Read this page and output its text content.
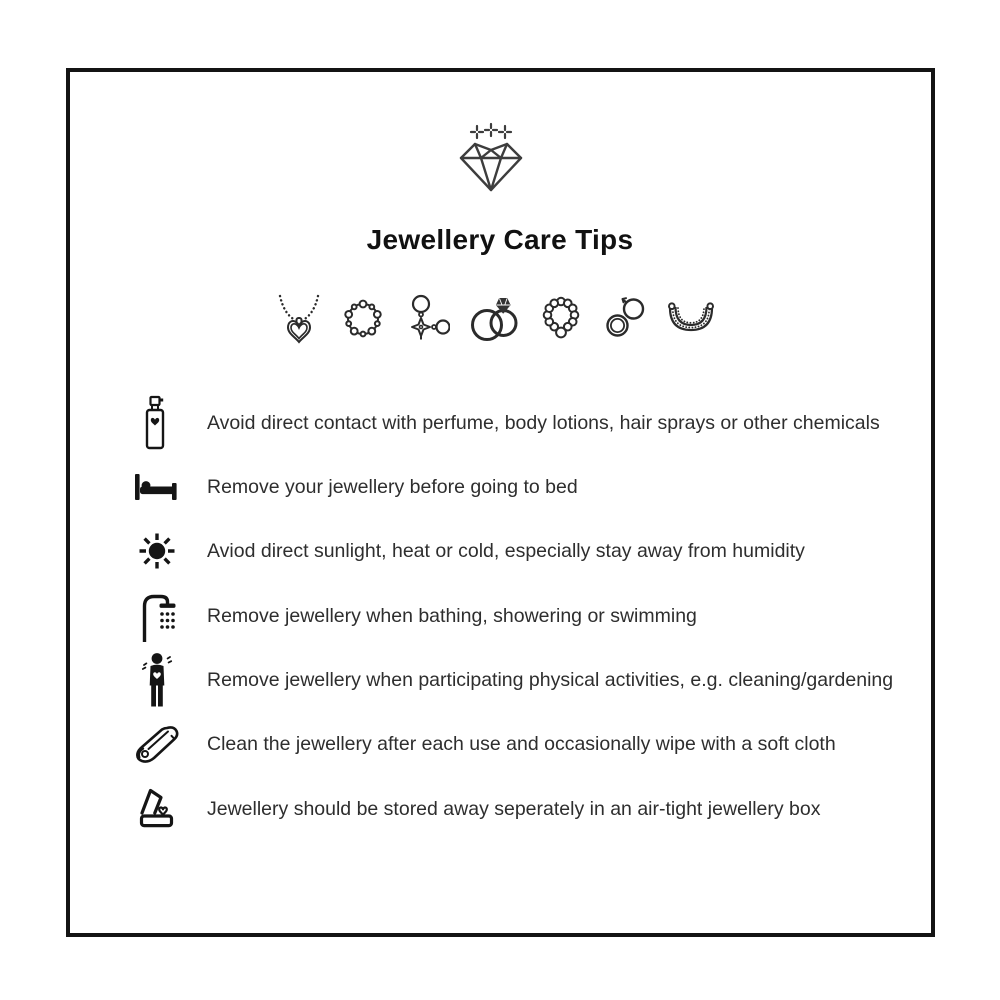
Jewellery Care Tips
Avoid direct contact with perfume, body lotions, hair sprays or other chemicals
Remove your jewellery before going to bed
Aviod direct sunlight, heat or cold, especially stay away from humidity
Remove jewellery when bathing, showering or swimming
Remove jewellery when participating physical activities, e.g. cleaning/gardening
Clean the jewellery after each use and occasionally wipe with a soft cloth
Jewellery should be stored away seperately in an air-tight jewellery box
